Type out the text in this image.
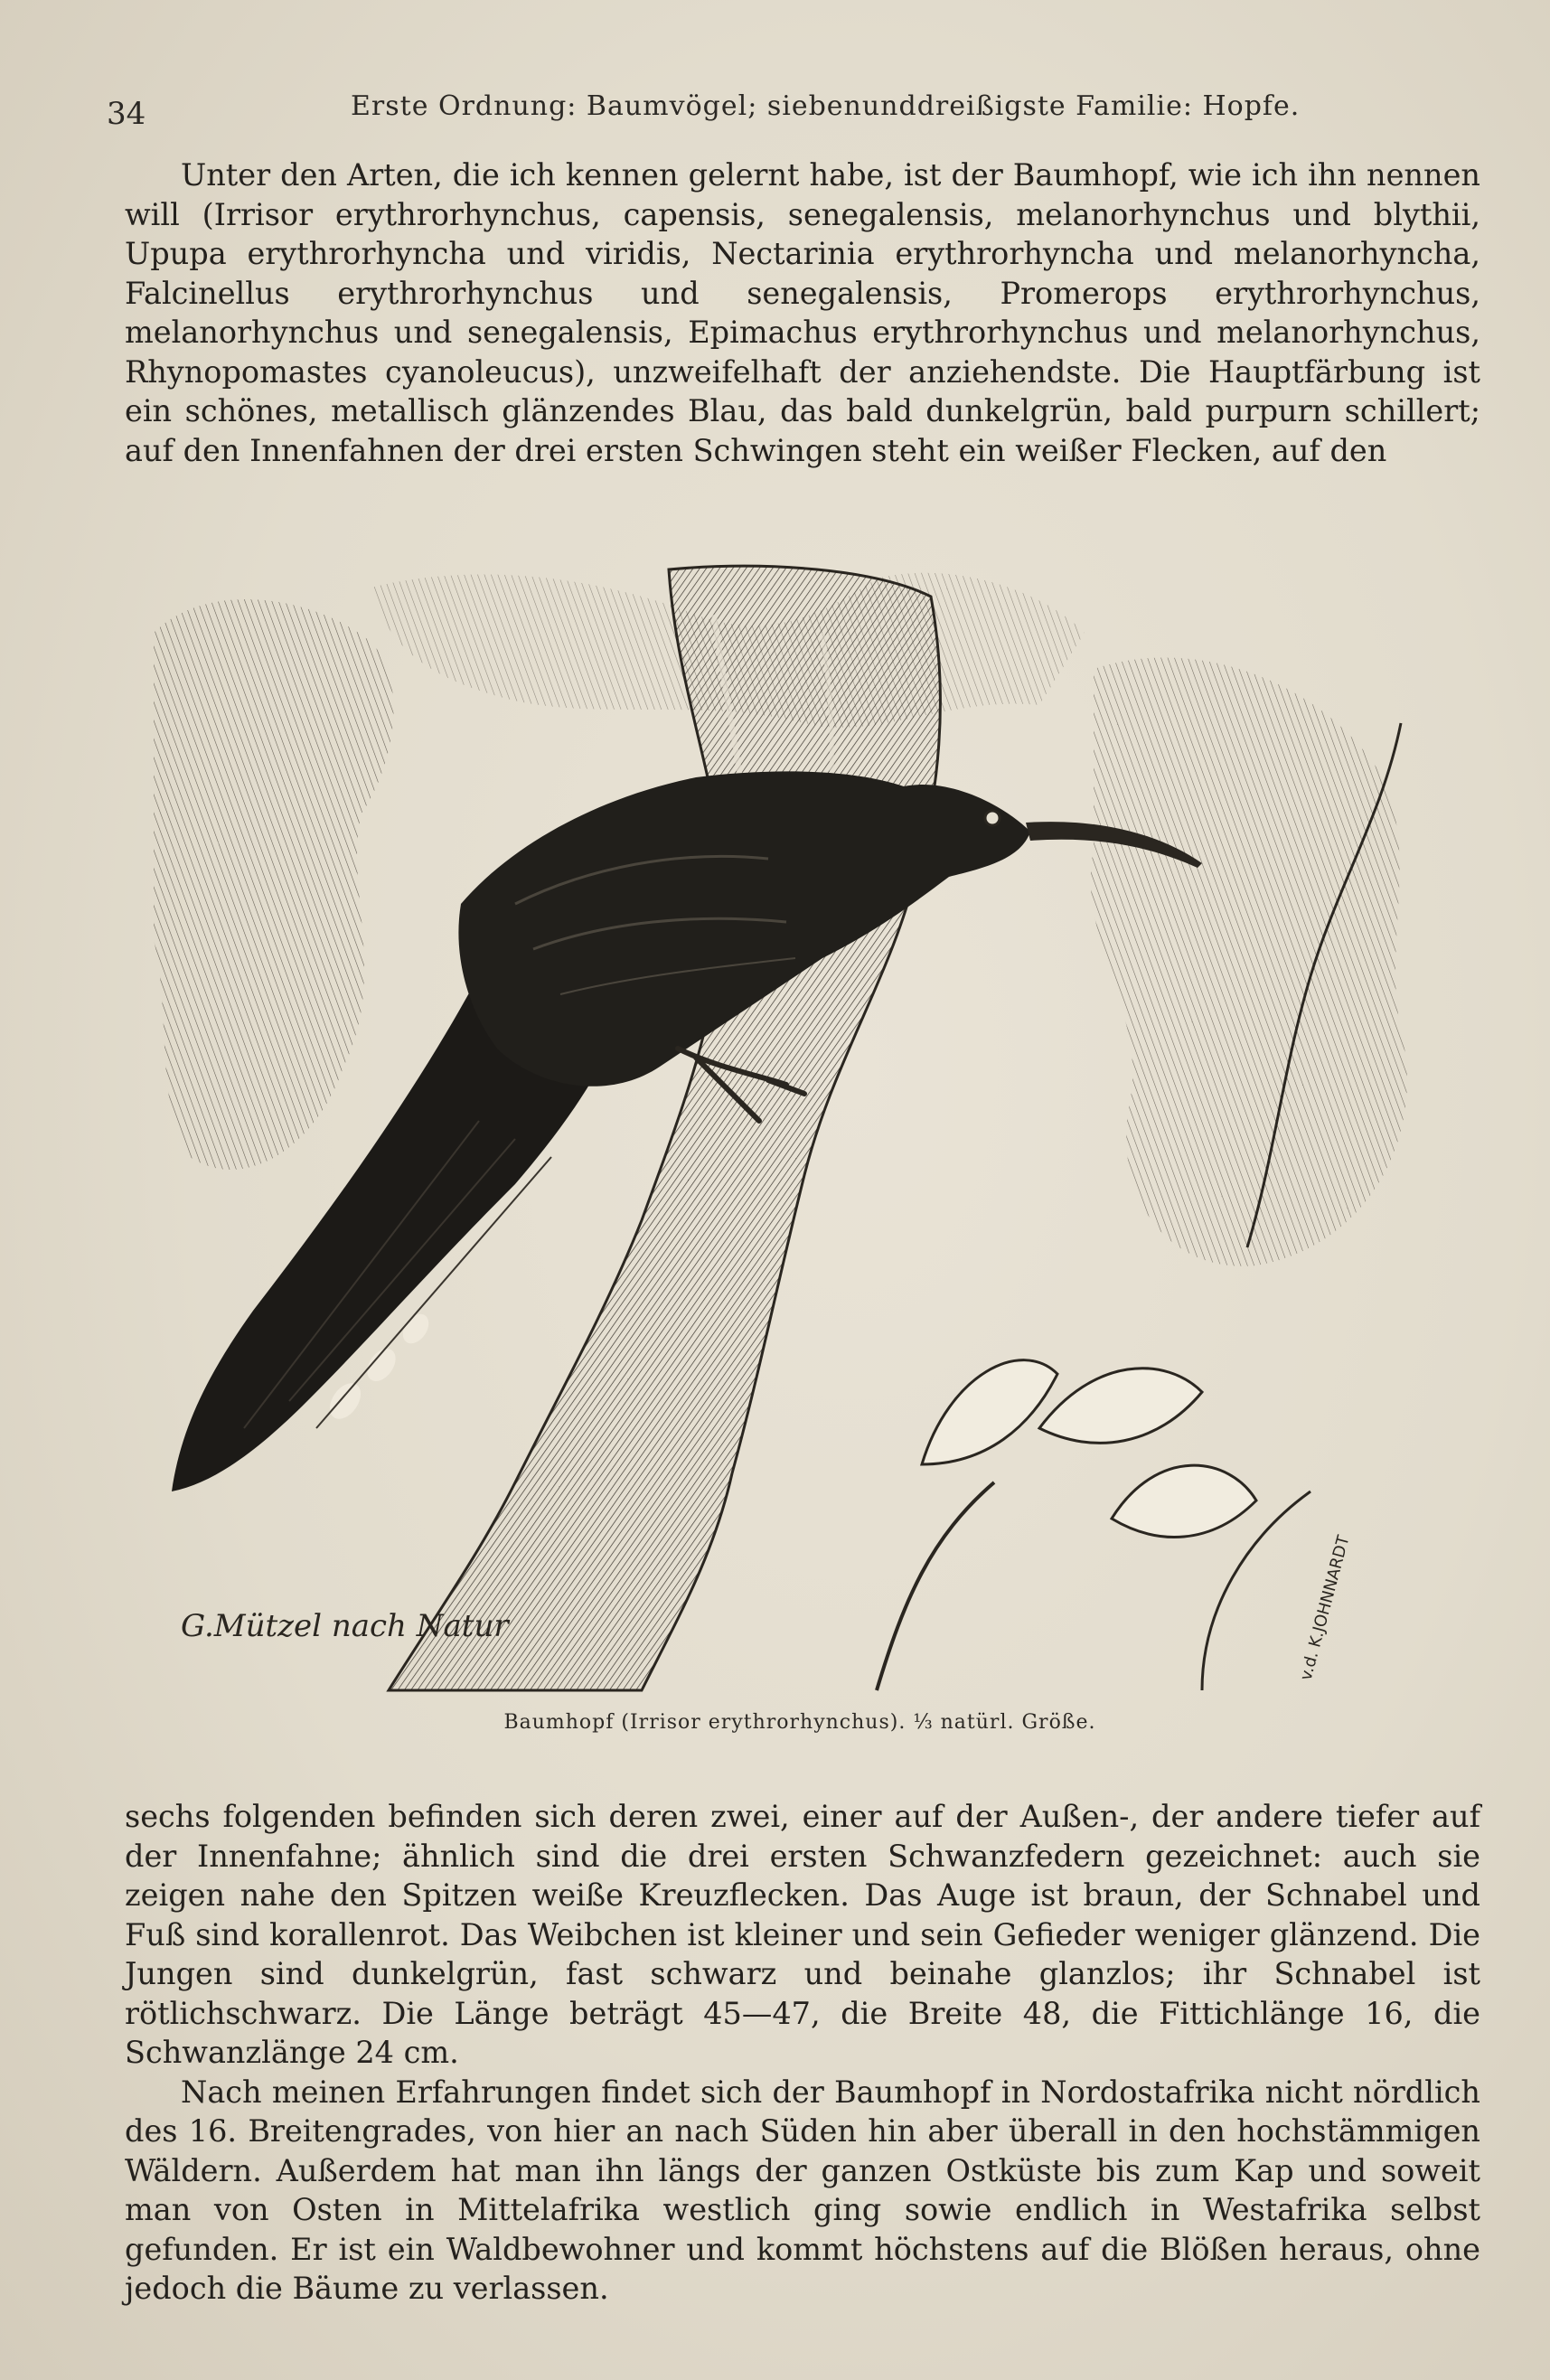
34	Erste Ordnung: Baumvögel; siebenunddreißigste Familie: Hopfe.

Unter den Arten, die ich kennen gelernt habe, ist der Baumhopf, wie ich ihn nennen will (Irrisor erythrorhynchus, capensis, senegalensis, melanorhynchus und blythii, Upupa erythrorhyncha und viridis, Nectarinia erythrorhyncha und melanorhyncha, Falcinellus erythrorhynchus und senegalensis, Promerops erythrorhynchus, melanorhynchus und senegalensis, Epimachus erythrorhynchus und melanorhynchus, Rhynopomastes cyanoleucus), unzweifelhaft der anziehendste. Die Hauptfärbung ist ein schönes, metallisch glänzendes Blau, das bald dunkelgrün, bald purpurn schillert; auf den Innenfahnen der drei ersten Schwingen steht ein weißer Flecken, auf den

G.Mützel nach Natur	v.d. K.JOHNNARDT
Baumhopf (Irrisor erythrorhynchus). ⅓ natürl. Größe.

sechs folgenden befinden sich deren zwei, einer auf der Außen-, der andere tiefer auf der Innenfahne; ähnlich sind die drei ersten Schwanzfedern gezeichnet: auch sie zeigen nahe den Spitzen weiße Kreuzflecken. Das Auge ist braun, der Schnabel und Fuß sind korallenrot. Das Weibchen ist kleiner und sein Gefieder weniger glänzend. Die Jungen sind dunkelgrün, fast schwarz und beinahe glanzlos; ihr Schnabel ist rötlichschwarz. Die Länge beträgt 45—47, die Breite 48, die Fittichlänge 16, die Schwanzlänge 24 cm.

Nach meinen Erfahrungen findet sich der Baumhopf in Nordostafrika nicht nördlich des 16. Breitengrades, von hier an nach Süden hin aber überall in den hochstämmigen Wäldern. Außerdem hat man ihn längs der ganzen Ostküste bis zum Kap und soweit man von Osten in Mittelafrika westlich ging sowie endlich in Westafrika selbst gefunden. Er ist ein Waldbewohner und kommt höchstens auf die Blößen heraus, ohne jedoch die Bäume zu verlassen.
